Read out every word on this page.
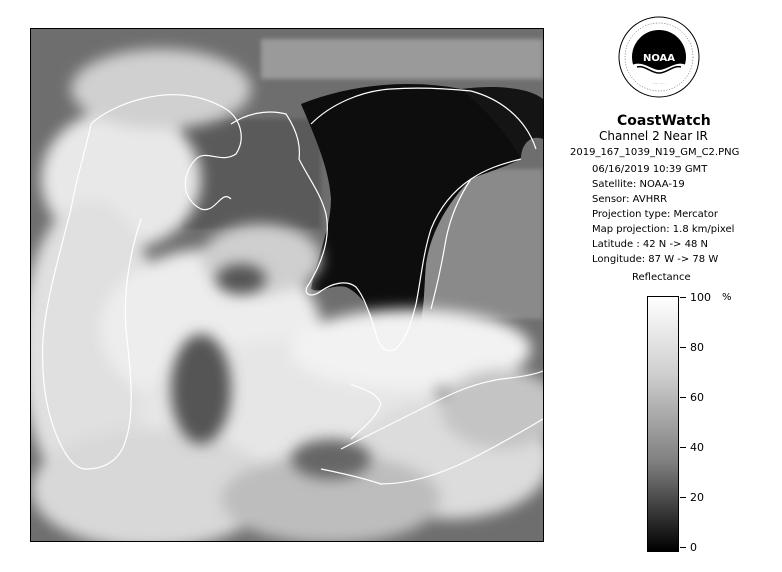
NOAA
CoastWatch
Channel 2 Near IR
2019_167_1039_N19_GM_C2.PNG
06/16/2019 10:39 GMT
Satellite: NOAA-19
Sensor: AVHRR
Projection type: Mercator
Map projection: 1.8 km/pixel
Latitude : 42 N -> 48 N
Longitude: 87 W -> 78 W
Reflectance
%
100
80
60
40
20
0
